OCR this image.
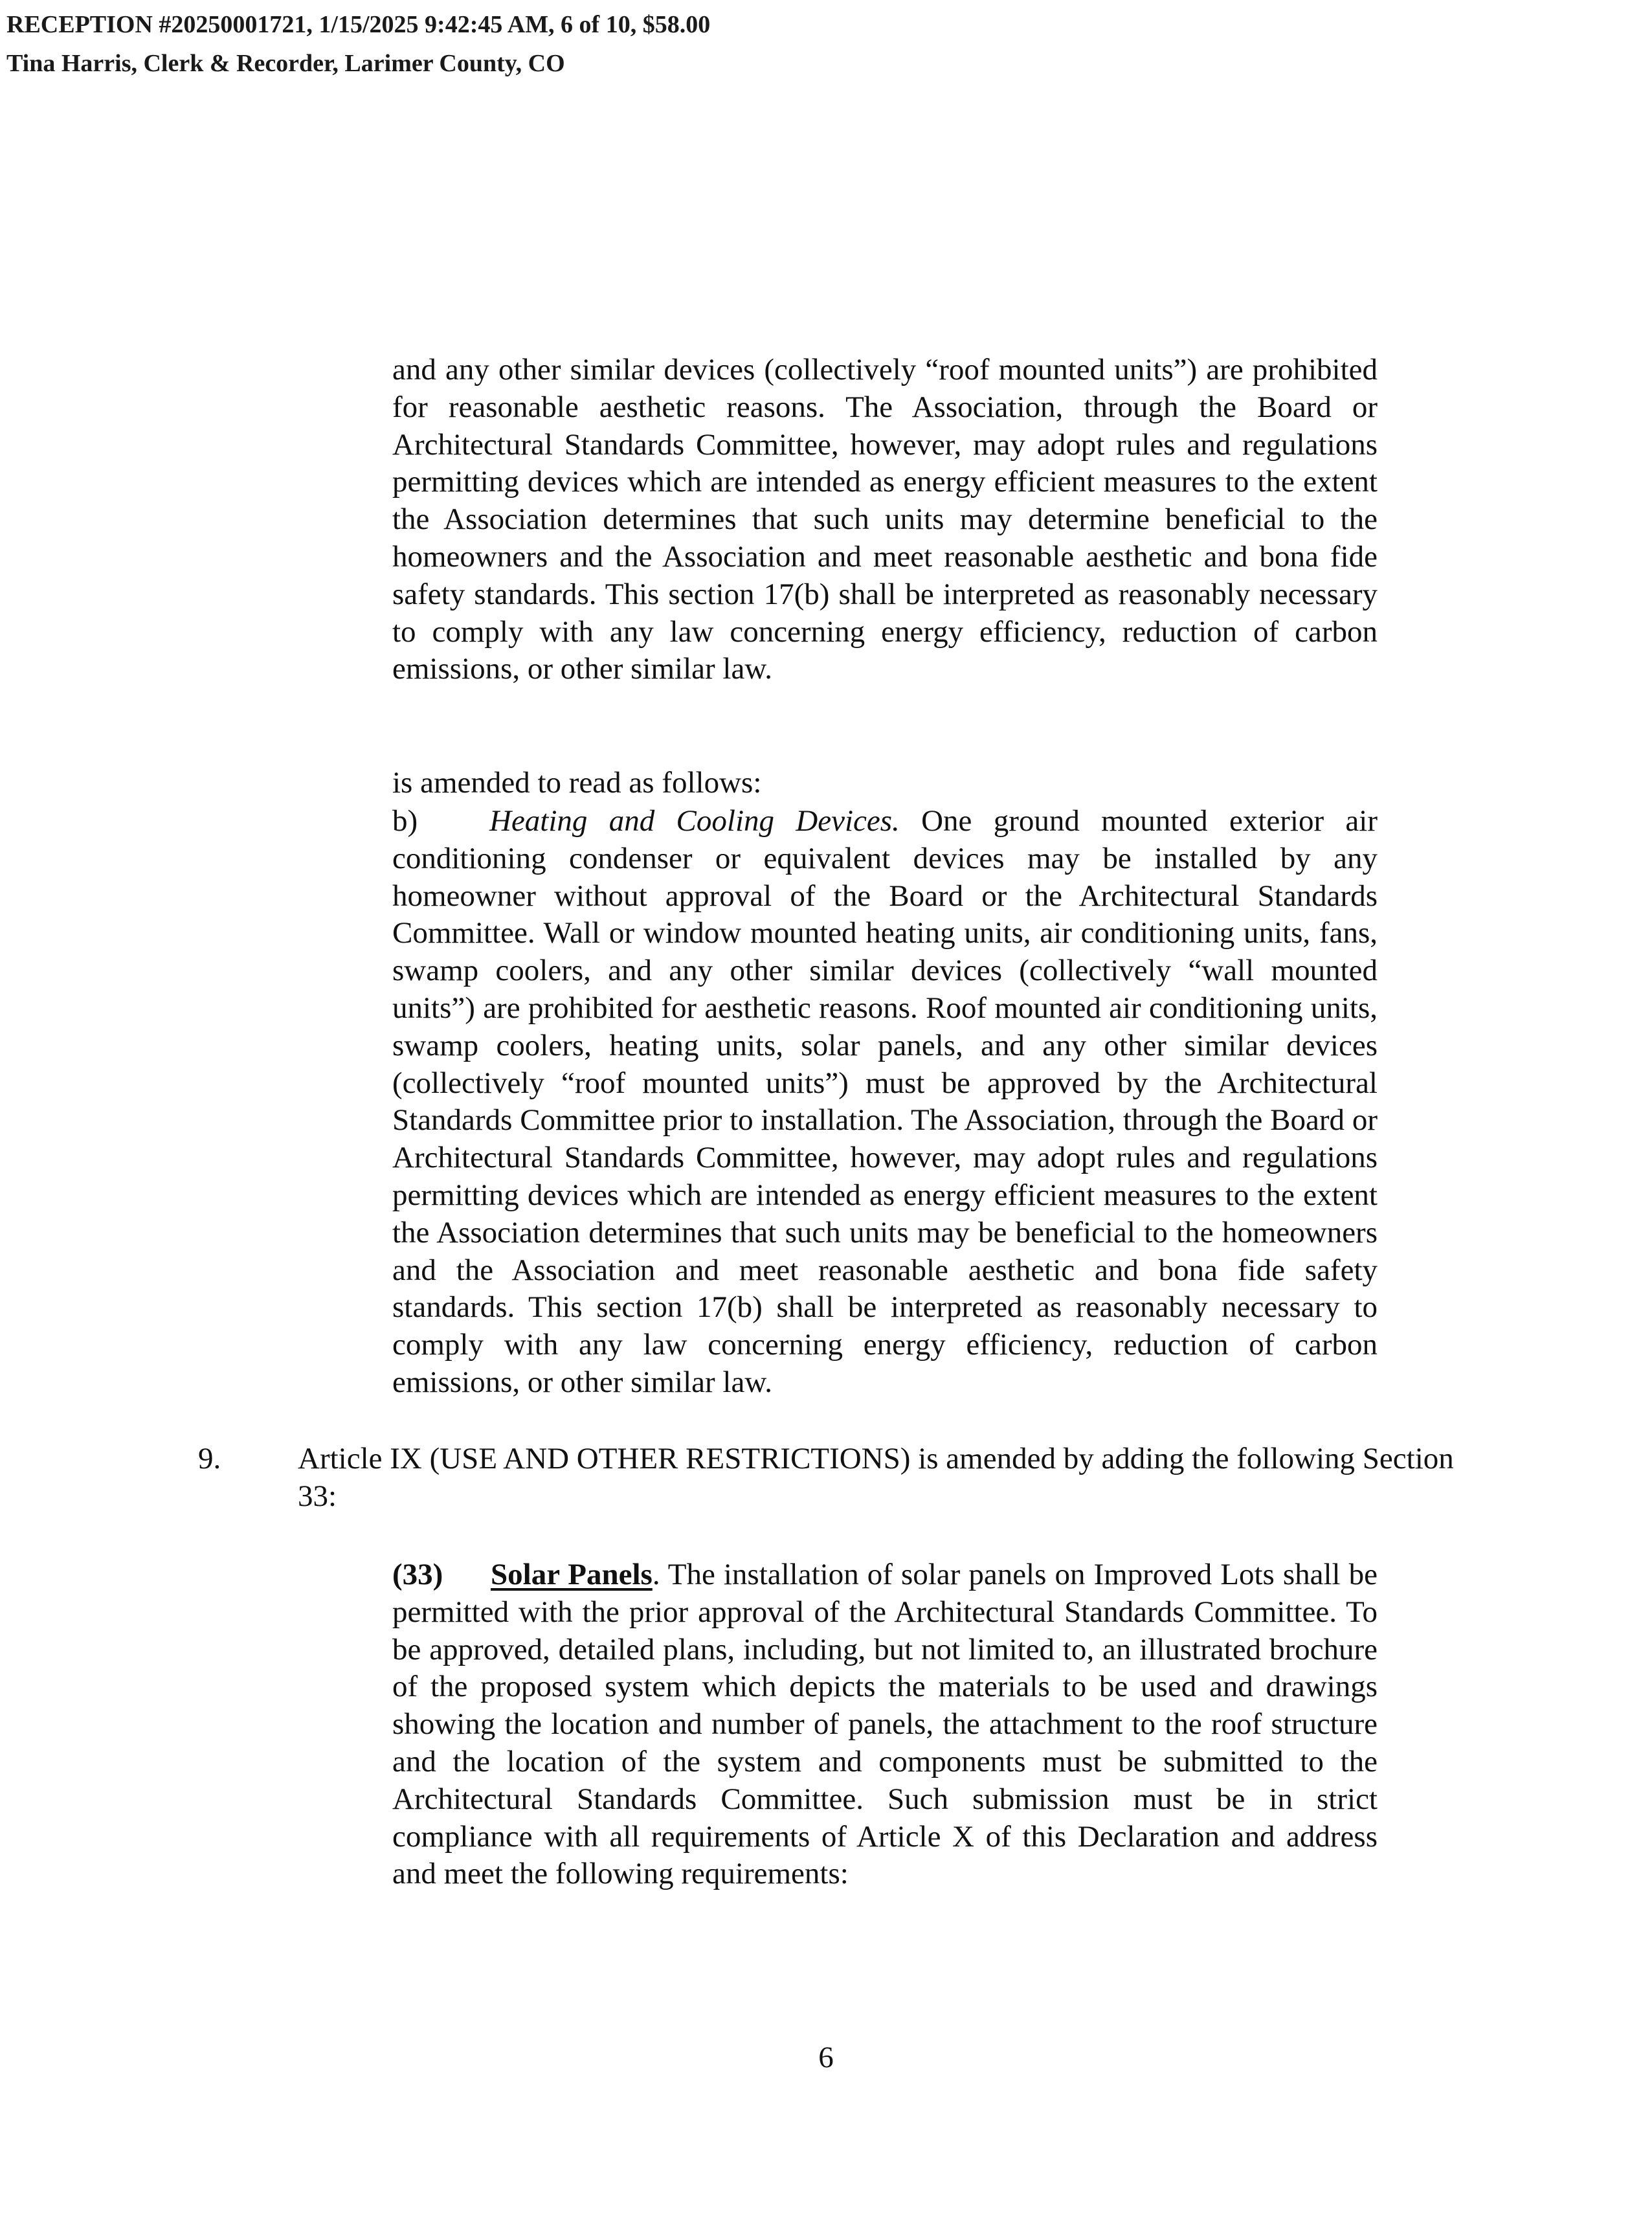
RECEPTION #20250001721, 1/15/2025 9:42:45 AM, 6 of 10, $58.00
Tina Harris, Clerk & Recorder, Larimer County, CO

and any other similar devices (collectively “roof mounted units”) are prohibited for reasonable aesthetic reasons. The Association, through the Board or Architectural Standards Committee, however, may adopt rules and regulations permitting devices which are intended as energy efficient measures to the extent the Association determines that such units may determine beneficial to the homeowners and the Association and meet reasonable aesthetic and bona fide safety standards. This section 17(b) shall be interpreted as reasonably necessary to comply with any law concerning energy efficiency, reduction of carbon emissions, or other similar law.

is amended to read as follows:

b) Heating and Cooling Devices. One ground mounted exterior air conditioning condenser or equivalent devices may be installed by any homeowner without approval of the Board or the Architectural Standards Committee. Wall or window mounted heating units, air conditioning units, fans, swamp coolers, and any other similar devices (collectively “wall mounted units”) are prohibited for aesthetic reasons. Roof mounted air conditioning units, swamp coolers, heating units, solar panels, and any other similar devices (collectively “roof mounted units”) must be approved by the Architectural Standards Committee prior to installation. The Association, through the Board or Architectural Standards Committee, however, may adopt rules and regulations permitting devices which are intended as energy efficient measures to the extent the Association determines that such units may be beneficial to the homeowners and the Association and meet reasonable aesthetic and bona fide safety standards. This section 17(b) shall be interpreted as reasonably necessary to comply with any law concerning energy efficiency, reduction of carbon emissions, or other similar law.

9.	Article IX (USE AND OTHER RESTRICTIONS) is amended by adding the following Section 33:

(33) Solar Panels. The installation of solar panels on Improved Lots shall be permitted with the prior approval of the Architectural Standards Committee. To be approved, detailed plans, including, but not limited to, an illustrated brochure of the proposed system which depicts the materials to be used and drawings showing the location and number of panels, the attachment to the roof structure and the location of the system and components must be submitted to the Architectural Standards Committee. Such submission must be in strict compliance with all requirements of Article X of this Declaration and address and meet the following requirements:

6
